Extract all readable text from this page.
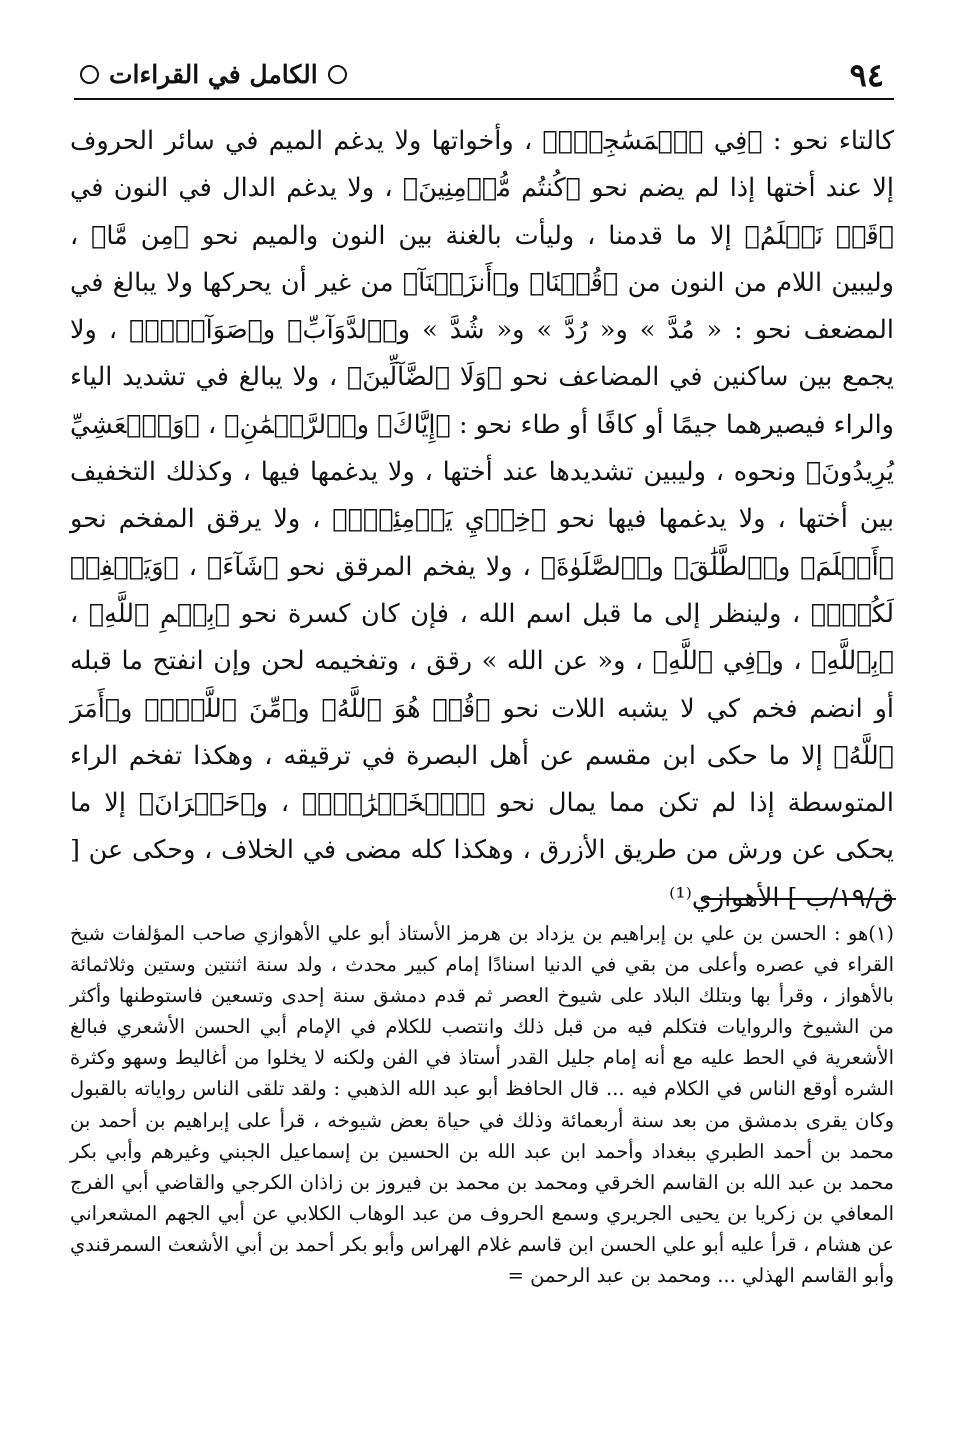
٩٤
الكامل في القراءات

كالتاء نحو : ﴿فِي ٱلۡمَسَٰجِدِۗ﴾ ، وأخواتها ولا يدغم الميم في سائر الحروف إلا عند أختها إذا لم يضم نحو ﴿كُنتُم مُّؤۡمِنِينَ﴾ ، ولا يدغم الدال في النون في ﴿قَدۡ نَعۡلَمُ﴾ إلا ما قدمنا ، وليأت بالغنة بين النون والميم نحو ﴿مِن مَّا﴾ ، وليبين اللام من النون من ﴿قُلۡنَا﴾ و﴿أَنزَلۡنَآ﴾ من غير أن يحركها ولا يبالغ في المضعف نحو : « مُدَّ » و« رُدَّ » و« شُدَّ » و﴿ٱلدَّوَآبِّ﴾ و﴿صَوَآفَّۖ﴾ ، ولا يجمع بين ساكنين في المضاعف نحو ﴿وَلَا ٱلضَّآلِّينَ﴾ ، ولا يبالغ في تشديد الياء والراء فيصيرهما جيمًا أو كافًا أو طاء نحو : ﴿إِيَّاكَ﴾ و﴿ٱلرَّحۡمَٰنِ﴾ ، ﴿وَٱلۡعَشِيِّ يُرِيدُونَ﴾ ونحوه ، وليبين تشديدها عند أختها ، ولا يدغمها فيها ، وكذلك التخفيف بين أختها ، ولا يدغمها فيها نحو ﴿خِزۡيِ يَوۡمِئِذٍۚ﴾ ، ولا يرقق المفخم نحو ﴿أَظۡلَمَ﴾ و﴿ٱلطَّلَٰقَ﴾ و﴿ٱلصَّلَوٰةَ﴾ ، ولا يفخم المرقق نحو ﴿شَآءَ﴾ ، ﴿وَيَغۡفِرۡ لَكُمۡۚ﴾ ، ولينظر إلى ما قبل اسم الله ، فإن كان كسرة نحو ﴿بِسۡمِ ٱللَّهِ﴾ ، ﴿بِٱللَّهِ﴾ ، و﴿فِي ٱللَّهِ﴾ ، و« عن الله » رقق ، وتفخيمه لحن وإن انفتح ما قبله أو انضم فخم كي لا يشبه اللات نحو ﴿قُلۡ هُوَ ٱللَّهُ﴾ و﴿مِّنَ ٱللَّهِۗ﴾ و﴿أَمَرَ ٱللَّهُ﴾ إلا ما حكى ابن مقسم عن أهل البصرة في ترقيقه ، وهكذا تفخم الراء المتوسطة إذا لم تكن مما يمال نحو ﴿ٱلۡخَيۡرَٰتِۚ﴾ ، و﴿حَيۡرَانَ﴾ إلا ما يحكى عن ورش من طريق الأزرق ، وهكذا كله مضى في الخلاف ، وحكى عن [ ق/١٩/ب ] الأهوازي⁽¹⁾

(١)هو : الحسن بن علي بن إبراهيم بن يزداد بن هرمز الأستاذ أبو علي الأهوازي صاحب المؤلفات شيخ القراء في عصره وأعلى من بقي في الدنيا اسنادًا إمام كبير محدث ، ولد سنة اثنتين وستين وثلاثمائة بالأهواز ، وقرأ بها وبتلك البلاد على شيوخ العصر ثم قدم دمشق سنة إحدى وتسعين فاستوطنها وأكثر من الشيوخ والروايات فتكلم فيه من قبل ذلك وانتصب للكلام في الإمام أبي الحسن الأشعري فبالغ الأشعرية في الحط عليه مع أنه إمام جليل القدر أستاذ في الفن ولكنه لا يخلوا من أغاليط وسهو وكثرة الشره أوقع الناس في الكلام فيه ... قال الحافظ أبو عبد الله الذهبي : ولقد تلقى الناس رواياته بالقبول وكان يقرى بدمشق من بعد سنة أربعمائة وذلك في حياة بعض شيوخه ، قرأ على إبراهيم بن أحمد بن محمد بن أحمد الطبري ببغداد وأحمد ابن عبد الله بن الحسين بن إسماعيل الجبني وغيرهم وأبي بكر محمد بن عبد الله بن القاسم الخرقي ومحمد بن محمد بن فيروز بن زاذان الكرجي والقاضي أبي الفرج المعافي بن زكريا بن يحيى الجريري وسمع الحروف من عبد الوهاب الكلابي عن أبي الجهم المشعراني عن هشام ، قرأ عليه أبو علي الحسن ابن قاسم غلام الهراس وأبو بكر أحمد بن أبي الأشعث السمرقندي وأبو القاسم الهذلي ... ومحمد بن عبد الرحمن =
